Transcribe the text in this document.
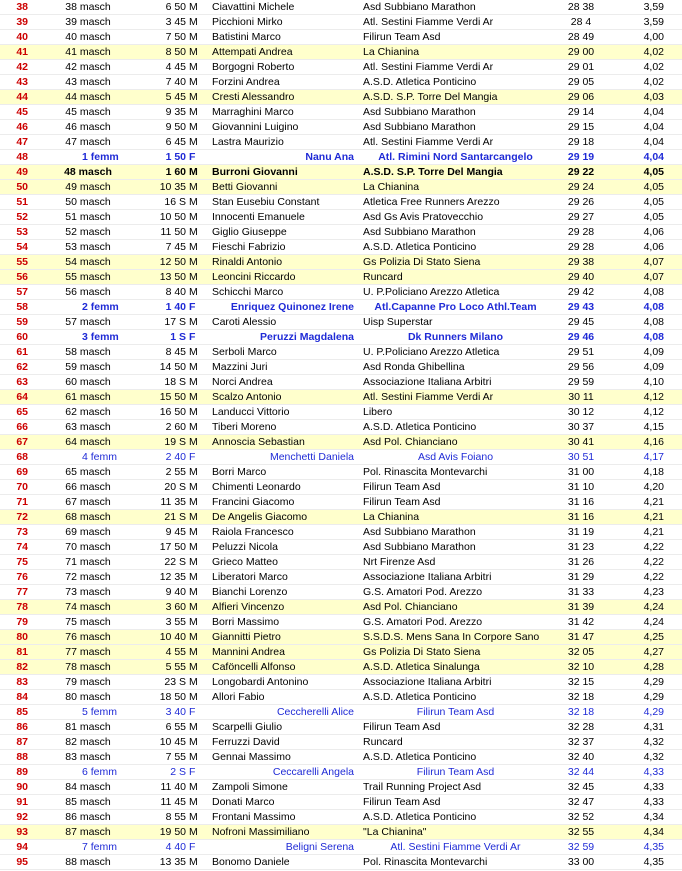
38	38 masch	6 50 M	Ciavattini Michele	Asd Subbiano Marathon	28 38	3,59
39	39 masch	3 45 M	Picchioni Mirko	Atl. Sestini Fiamme Verdi Ar	28 4	3,59
40	40 masch	7 50 M	Batistini Marco	Filirun Team Asd	28 49	4,00
41	41 masch	8 50 M	Attempati Andrea	La Chianina	29 00	4,02
42	42 masch	4 45 M	Borgogni Roberto	Atl. Sestini Fiamme Verdi Ar	29 01	4,02
43	43 masch	7 40 M	Forzini Andrea	A.S.D. Atletica Ponticino	29 05	4,02
44	44 masch	5 45 M	Cresti Alessandro	A.S.D. S.P. Torre Del Mangia	29 06	4,03
45	45 masch	9 35 M	Marraghini Marco	Asd Subbiano Marathon	29 14	4,04
46	46 masch	9 50 M	Giovannini Luigino	Asd Subbiano Marathon	29 15	4,04
47	47 masch	6 45 M	Lastra Maurizio	Atl. Sestini Fiamme Verdi Ar	29 18	4,04
48	1 femm	1 50 F	Nanu Ana	Atl. Rimini Nord Santarcangelo	29 19	4,04
49	48 masch	1 60 M	Burroni Giovanni	A.S.D. S.P. Torre Del Mangia	29 22	4,05
50	49 masch	10 35 M	Betti Giovanni	La Chianina	29 24	4,05
51	50 masch	16 S M	Stan Eusebiu Constant	Atletica Free Runners Arezzo	29 26	4,05
52	51 masch	10 50 M	Innocenti Emanuele	Asd Gs Avis Pratovecchio	29 27	4,05
53	52 masch	11 50 M	Giglio Giuseppe	Asd Subbiano Marathon	29 28	4,06
54	53 masch	7 45 M	Fieschi Fabrizio	A.S.D. Atletica Ponticino	29 28	4,06
55	54 masch	12 50 M	Rinaldi Antonio	Gs Polizia Di Stato Siena	29 38	4,07
56	55 masch	13 50 M	Leoncini Riccardo	Runcard	29 40	4,07
57	56 masch	8 40 M	Schicchi Marco	U. P.Policiano Arezzo Atletica	29 42	4,08
58	2 femm	1 40 F	Enriquez Quinonez Irene	Atl.Capanne Pro Loco Athl.Team	29 43	4,08
59	57 masch	17 S M	Caroti Alessio	Uisp Superstar	29 45	4,08
60	3 femm	1 S F	Peruzzi Magdalena	Dk Runners Milano	29 46	4,08
61	58 masch	8 45 M	Serboli Marco	U. P.Policiano Arezzo Atletica	29 51	4,09
62	59 masch	14 50 M	Mazzini Juri	Asd Ronda Ghibellina	29 56	4,09
63	60 masch	18 S M	Norci Andrea	Associazione Italiana Arbitri	29 59	4,10
64	61 masch	15 50 M	Scalzo Antonio	Atl. Sestini Fiamme Verdi Ar	30 11	4,12
65	62 masch	16 50 M	Landucci Vittorio	Libero	30 12	4,12
66	63 masch	2 60 M	Tiberi Moreno	A.S.D. Atletica Ponticino	30 37	4,15
67	64 masch	19 S M	Annoscia Sebastian	Asd Pol. Chianciano	30 41	4,16
68	4 femm	2 40 F	Menchetti Daniela	Asd Avis Foiano	30 51	4,17
69	65 masch	2 55 M	Borri Marco	Pol. Rinascita Montevarchi	31 00	4,18
70	66 masch	20 S M	Chimenti Leonardo	Filirun Team Asd	31 10	4,20
71	67 masch	11 35 M	Francini Giacomo	Filirun Team Asd	31 16	4,21
72	68 masch	21 S M	De Angelis Giacomo	La Chianina	31 16	4,21
73	69 masch	9 45 M	Raiola Francesco	Asd Subbiano Marathon	31 19	4,21
74	70 masch	17 50 M	Peluzzi Nicola	Asd Subbiano Marathon	31 23	4,22
75	71 masch	22 S M	Grieco Matteo	Nrt Firenze Asd	31 26	4,22
76	72 masch	12 35 M	Liberatori Marco	Associazione Italiana Arbitri	31 29	4,22
77	73 masch	9 40 M	Bianchi Lorenzo	G.S. Amatori Pod. Arezzo	31 33	4,23
78	74 masch	3 60 M	Alfieri Vincenzo	Asd Pol. Chianciano	31 39	4,24
79	75 masch	3 55 M	Borri Massimo	G.S. Amatori Pod. Arezzo	31 42	4,24
80	76 masch	10 40 M	Giannitti Pietro	S.S.D.S. Mens Sana In Corpore Sano	31 47	4,25
81	77 masch	4 55 M	Mannini Andrea	Gs Polizia Di Stato Siena	32 05	4,27
82	78 masch	5 55 M	Caföncelli Alfonso	A.S.D. Atletica Sinalunga	32 10	4,28
83	79 masch	23 S M	Longobardi Antonino	Associazione Italiana Arbitri	32 15	4,29
84	80 masch	18 50 M	Allori Fabio	A.S.D. Atletica Ponticino	32 18	4,29
85	5 femm	3 40 F	Ceccherelli Alice	Filirun Team Asd	32 18	4,29
86	81 masch	6 55 M	Scarpelli Giulio	Filirun Team Asd	32 28	4,31
87	82 masch	10 45 M	Ferruzzi David	Runcard	32 37	4,32
88	83 masch	7 55 M	Gennai Massimo	A.S.D. Atletica Ponticino	32 40	4,32
89	6 femm	2 S F	Ceccarelli Angela	Filirun Team Asd	32 44	4,33
90	84 masch	11 40 M	Zampoli Simone	Trail Running Project Asd	32 45	4,33
91	85 masch	11 45 M	Donati Marco	Filirun Team Asd	32 47	4,33
92	86 masch	8 55 M	Frontani Massimo	A.S.D. Atletica Ponticino	32 52	4,34
93	87 masch	19 50 M	Nofroni Massimiliano	"La Chianina"	32 55	4,34
94	7 femm	4 40 F	Beligni Serena	Atl. Sestini Fiamme Verdi Ar	32 59	4,35
95	88 masch	13 35 M	Bonomo Daniele	Pol. Rinascita Montevarchi	33 00	4,35
